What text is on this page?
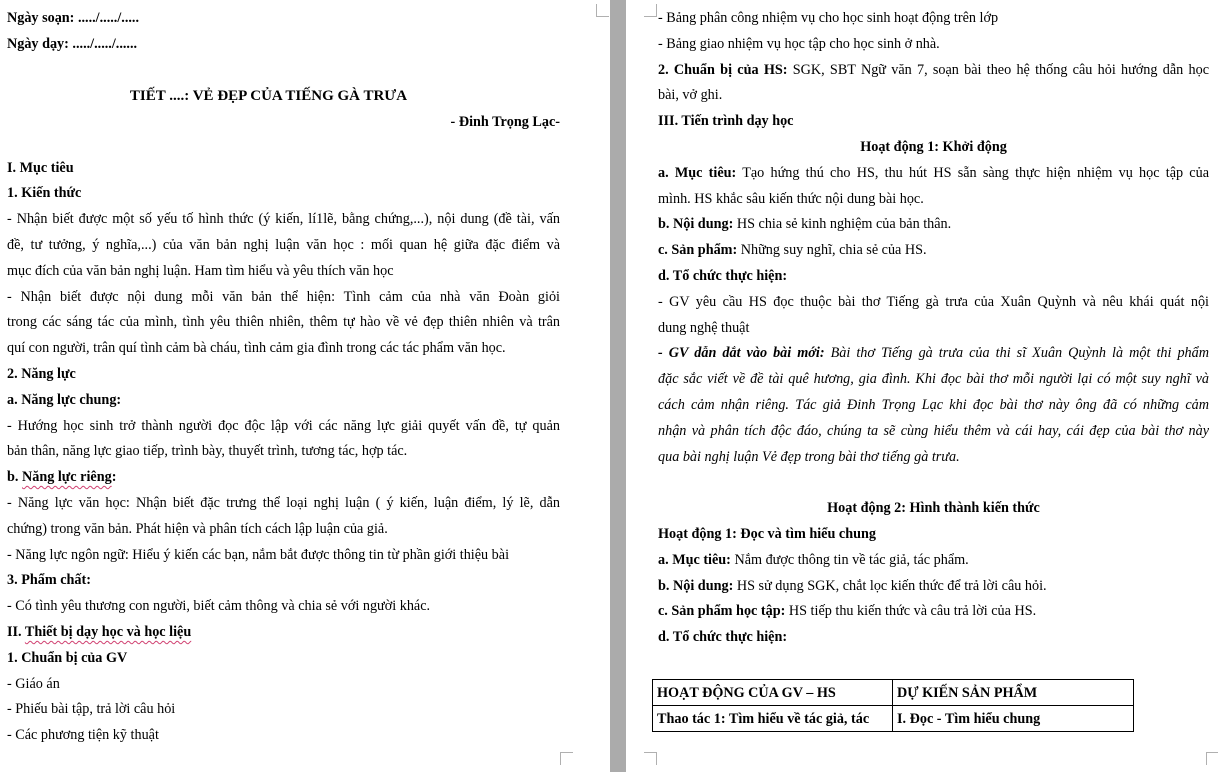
Ngày soạn: ...../...../.....
Ngày dạy: ...../...../......
TIẾT ....: VẺ ĐẸP CỦA TIẾNG GÀ TRƯA
- Đinh Trọng Lạc-
I. Mục tiêu
1. Kiến thức
- Nhận biết được một số yếu tố hình thức (ý kiến, lí1lẽ, bằng chứng,...), nội dung (đề tài, vấn
đề, tư tưởng, ý nghĩa,...) của văn bản nghị luận văn học : mối quan hệ giữa đặc điểm và
mục đích của văn bản nghị luận. Ham tìm hiểu và yêu thích văn học
- Nhận biết được nội dung mỗi văn bản thể hiện: Tình cảm của nhà văn Đoàn giỏi
trong các sáng tác của mình, tình yêu thiên nhiên, thêm tự hào về vẻ đẹp thiên nhiên và trân
quí con người, trân quí tình cảm bà cháu, tình cảm gia đình trong các tác phẩm văn học.
2. Năng lực
a. Năng lực chung:
- Hướng học sinh trở thành người đọc độc lập với các năng lực giải quyết vấn đề, tự quản
bản thân, năng lực giao tiếp, trình bày, thuyết trình, tương tác, hợp tác.
b. Năng lực riêng:
- Năng lực văn học: Nhận biết đặc trưng thể loại nghị luận ( ý kiến, luận điểm, lý lẽ, dẫn
chứng) trong văn bản. Phát hiện và phân tích cách lập luận của giả.
- Năng lực ngôn ngữ: Hiểu ý kiến các bạn, nắm bắt được thông tin từ phần giới thiệu bài
3. Phẩm chất:
- Có tình yêu thương con người, biết cảm thông và chia sẻ với người khác.
II. Thiết bị dạy học và học liệu
1. Chuẩn bị của GV
- Giáo án
- Phiếu bài tập, trả lời câu hỏi
- Các phương tiện kỹ thuật
- Bảng phân công nhiệm vụ cho học sinh hoạt động trên lớp
- Bảng giao nhiệm vụ học tập cho học sinh ở nhà.
2. Chuẩn bị của HS: SGK, SBT Ngữ văn 7, soạn bài theo hệ thống câu hỏi hướng dẫn học
bài, vở ghi.
III. Tiến trình dạy học
Hoạt động 1: Khởi động
a. Mục tiêu: Tạo hứng thú cho HS, thu hút HS sẵn sàng thực hiện nhiệm vụ học tập của
mình. HS khắc sâu kiến thức nội dung bài học.
b. Nội dung: HS chia sẻ kinh nghiệm của bản thân.
c. Sản phẩm: Những suy nghĩ, chia sẻ của HS.
d. Tổ chức thực hiện:
- GV yêu cầu HS đọc thuộc bài thơ Tiếng gà trưa của Xuân Quỳnh và nêu khái quát nội
dung nghệ thuật
- GV dẫn dắt vào bài mới: Bài thơ Tiếng gà trưa của thi sĩ Xuân Quỳnh là một thi phẩm
đặc sắc viết về đề tài quê hương, gia đình. Khi đọc bài thơ mỗi người lại có một suy nghĩ và
cách cảm nhận riêng. Tác giả Đinh Trọng Lạc khi đọc bài thơ này ông đã có những cảm
nhận và phân tích độc đáo, chúng ta sẽ cùng hiểu thêm và cái hay, cái đẹp của bài thơ này
qua bài nghị luận Vẻ đẹp trong bài thơ tiếng gà trưa.
Hoạt động 2: Hình thành kiến thức
Hoạt động 1: Đọc và tìm hiểu chung
a. Mục tiêu: Nắm được thông tin về tác giả, tác phẩm.
b. Nội dung: HS sử dụng SGK, chắt lọc kiến thức để trả lời câu hỏi.
c. Sản phẩm học tập: HS tiếp thu kiến thức và câu trả lời của HS.
d. Tổ chức thực hiện:
HOẠT ĐỘNG CỦA GV – HS	DỰ KIẾN SẢN PHẨM
Thao tác 1: Tìm hiểu về tác giả, tác	I. Đọc - Tìm hiểu chung
